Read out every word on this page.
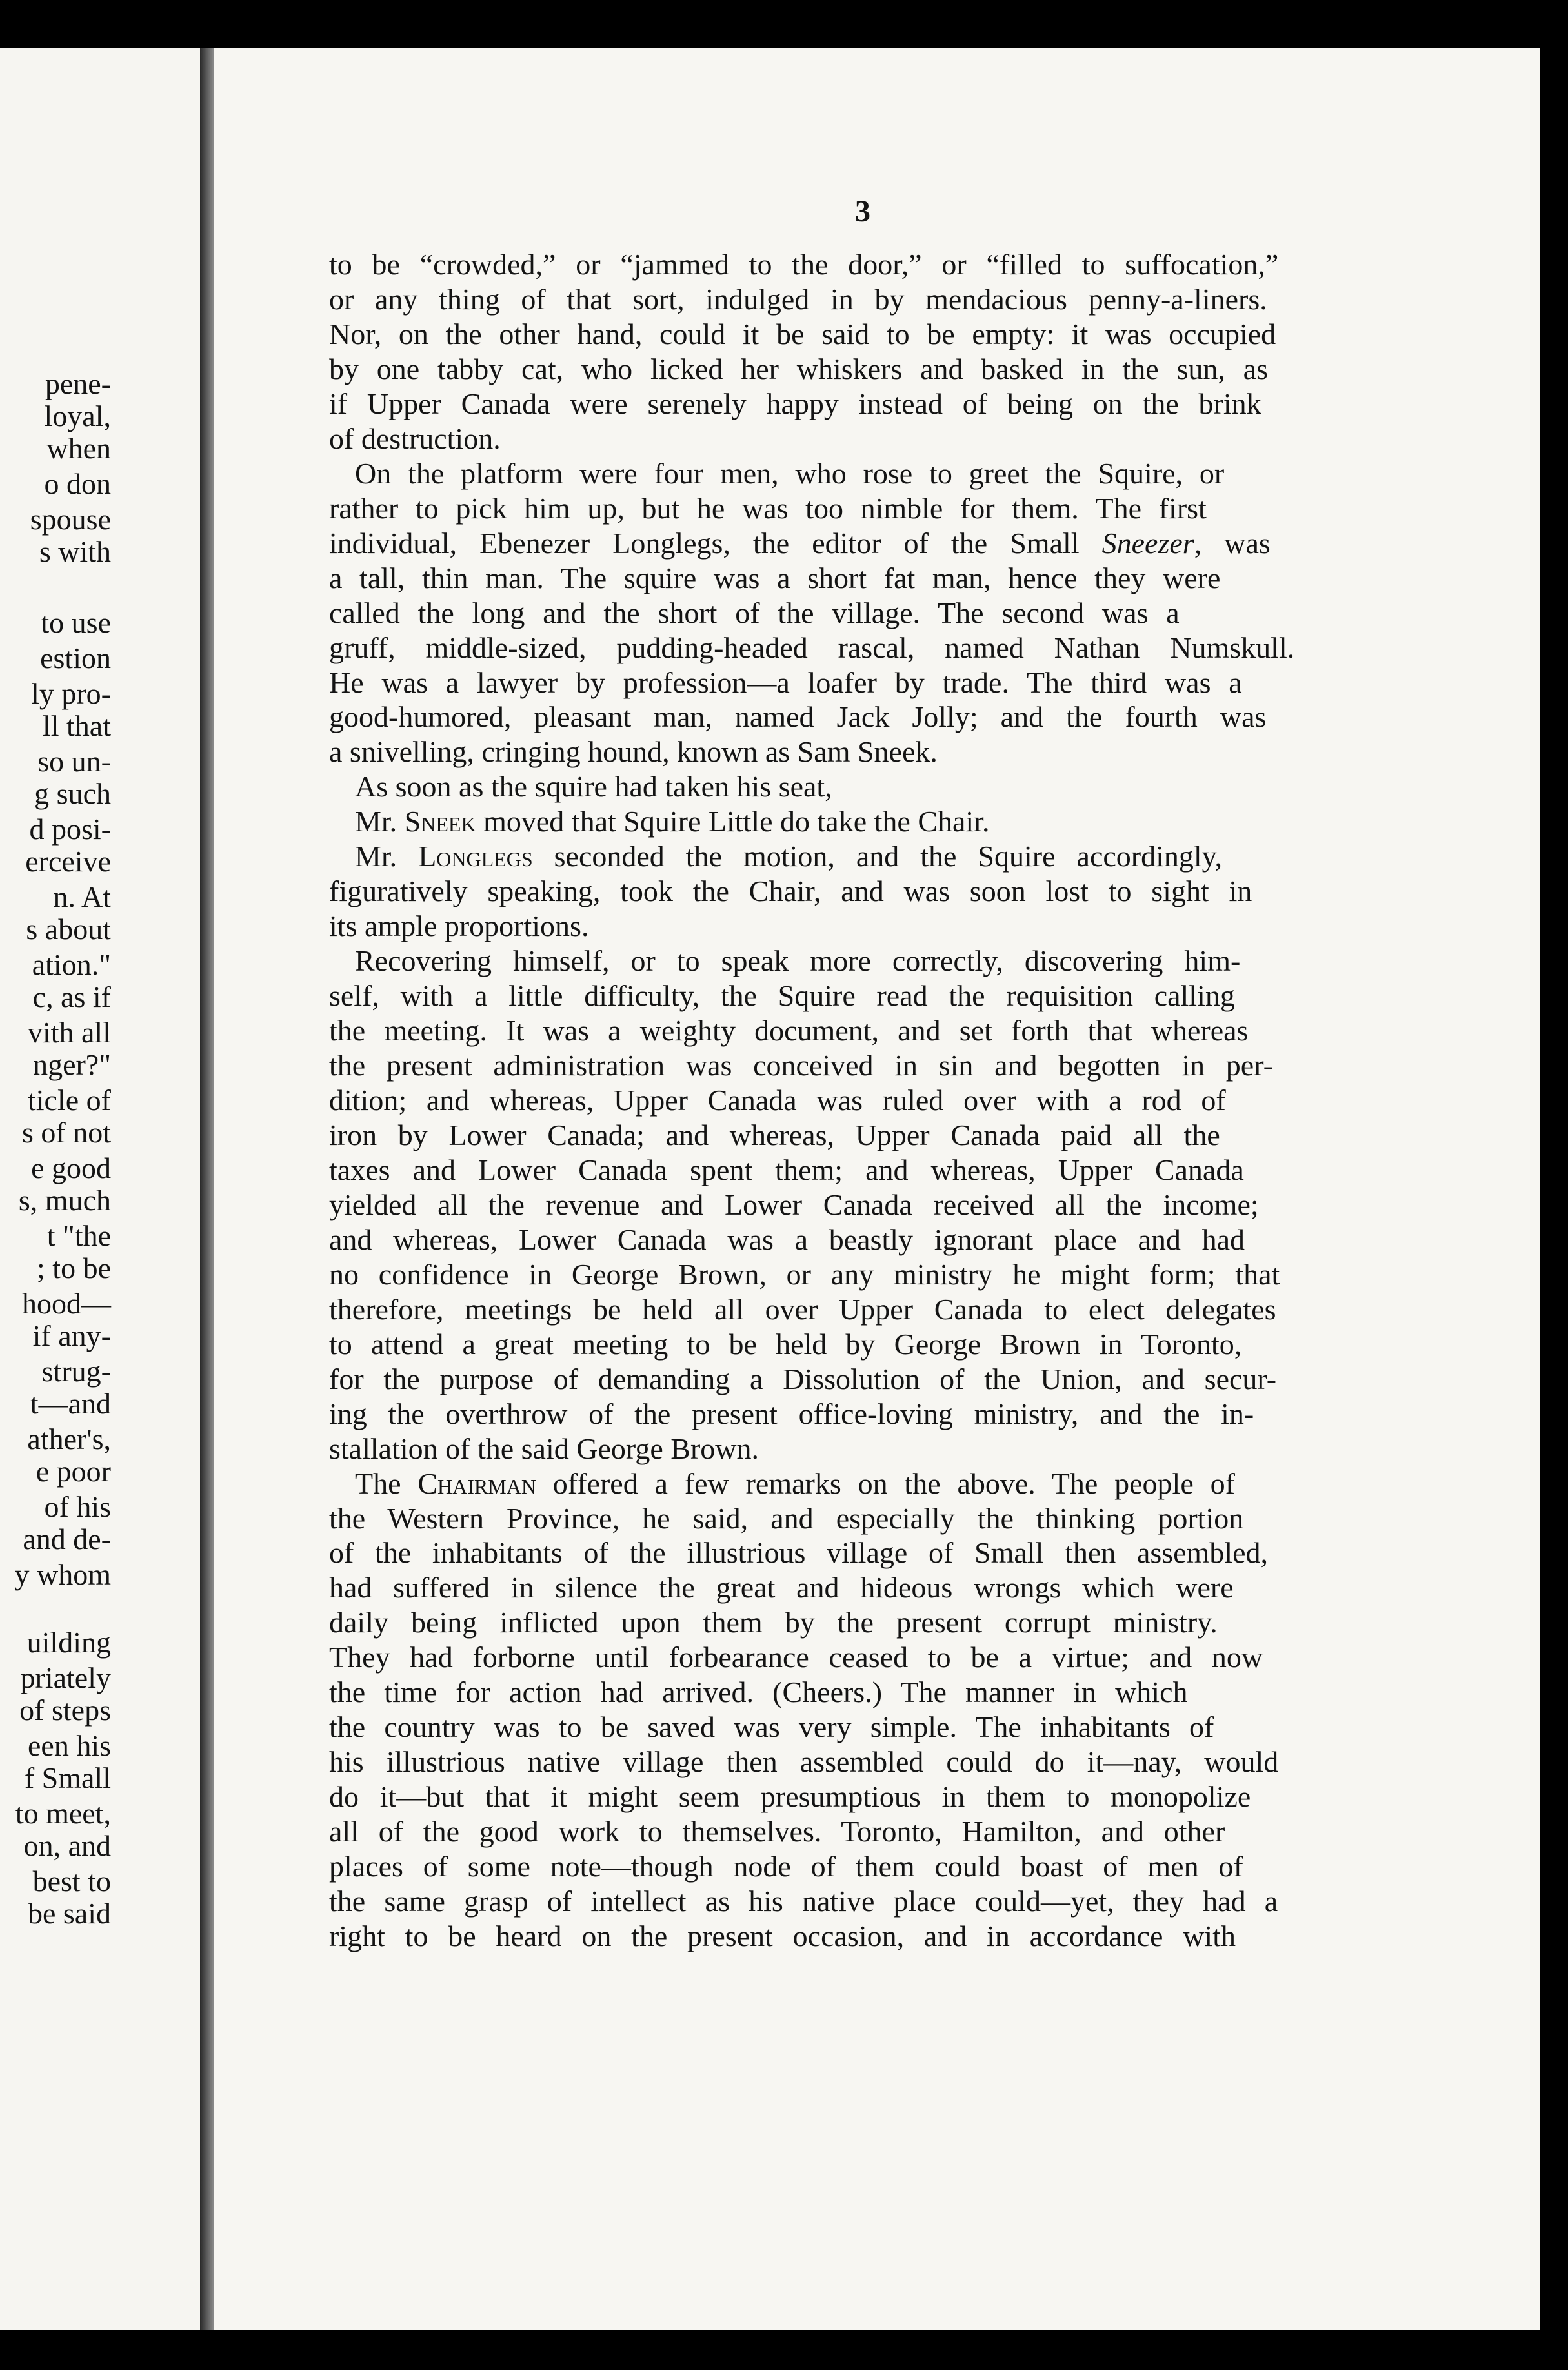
pene-
loyal,
when
o don
spouse
s with
to use
estion
ly pro-
ll that
so un-
g such
d posi-
erceive
n. At
s about
ation."
c, as if
vith all
nger?"
ticle of
s of not
e good
s, much
t "the
; to be
hood—
if any-
strug-
t—and
ather's,
e poor
of his
and de-
y whom
uilding
priately
of steps
een his
f Small
to meet,
on, and
best to
be said
3
to be “crowded,” or “jammed to the door,” or “filled to suffocation,”
or any thing of that sort, indulged in by mendacious penny-a-liners.
Nor, on the other hand, could it be said to be empty: it was occupied
by one tabby cat, who licked her whiskers and basked in the sun, as
if Upper Canada were serenely happy instead of being on the brink
of destruction.
On the platform were four men, who rose to greet the Squire, or
rather to pick him up, but he was too nimble for them. The first
individual, Ebenezer Longlegs, the editor of the Small Sneezer, was
a tall, thin man. The squire was a short fat man, hence they were
called the long and the short of the village. The second was a
gruff, middle-sized, pudding-headed rascal, named Nathan Numskull.
He was a lawyer by profession—a loafer by trade. The third was a
good-humored, pleasant man, named Jack Jolly; and the fourth was
a snivelling, cringing hound, known as Sam Sneek.
As soon as the squire had taken his seat,
Mr. Sneek moved that Squire Little do take the Chair.
Mr. Longlegs seconded the motion, and the Squire accordingly,
figuratively speaking, took the Chair, and was soon lost to sight in
its ample proportions.
Recovering himself, or to speak more correctly, discovering him-
self, with a little difficulty, the Squire read the requisition calling
the meeting. It was a weighty document, and set forth that whereas
the present administration was conceived in sin and begotten in per-
dition; and whereas, Upper Canada was ruled over with a rod of
iron by Lower Canada; and whereas, Upper Canada paid all the
taxes and Lower Canada spent them; and whereas, Upper Canada
yielded all the revenue and Lower Canada received all the income;
and whereas, Lower Canada was a beastly ignorant place and had
no confidence in George Brown, or any ministry he might form; that
therefore, meetings be held all over Upper Canada to elect delegates
to attend a great meeting to be held by George Brown in Toronto,
for the purpose of demanding a Dissolution of the Union, and secur-
ing the overthrow of the present office-loving ministry, and the in-
stallation of the said George Brown.
The Chairman offered a few remarks on the above. The people of
the Western Province, he said, and especially the thinking portion
of the inhabitants of the illustrious village of Small then assembled,
had suffered in silence the great and hideous wrongs which were
daily being inflicted upon them by the present corrupt ministry.
They had forborne until forbearance ceased to be a virtue; and now
the time for action had arrived. (Cheers.) The manner in which
the country was to be saved was very simple. The inhabitants of
his illustrious native village then assembled could do it—nay, would
do it—but that it might seem presumptious in them to monopolize
all of the good work to themselves. Toronto, Hamilton, and other
places of some note—though node of them could boast of men of
the same grasp of intellect as his native place could—yet, they had a
right to be heard on the present occasion, and in accordance with
